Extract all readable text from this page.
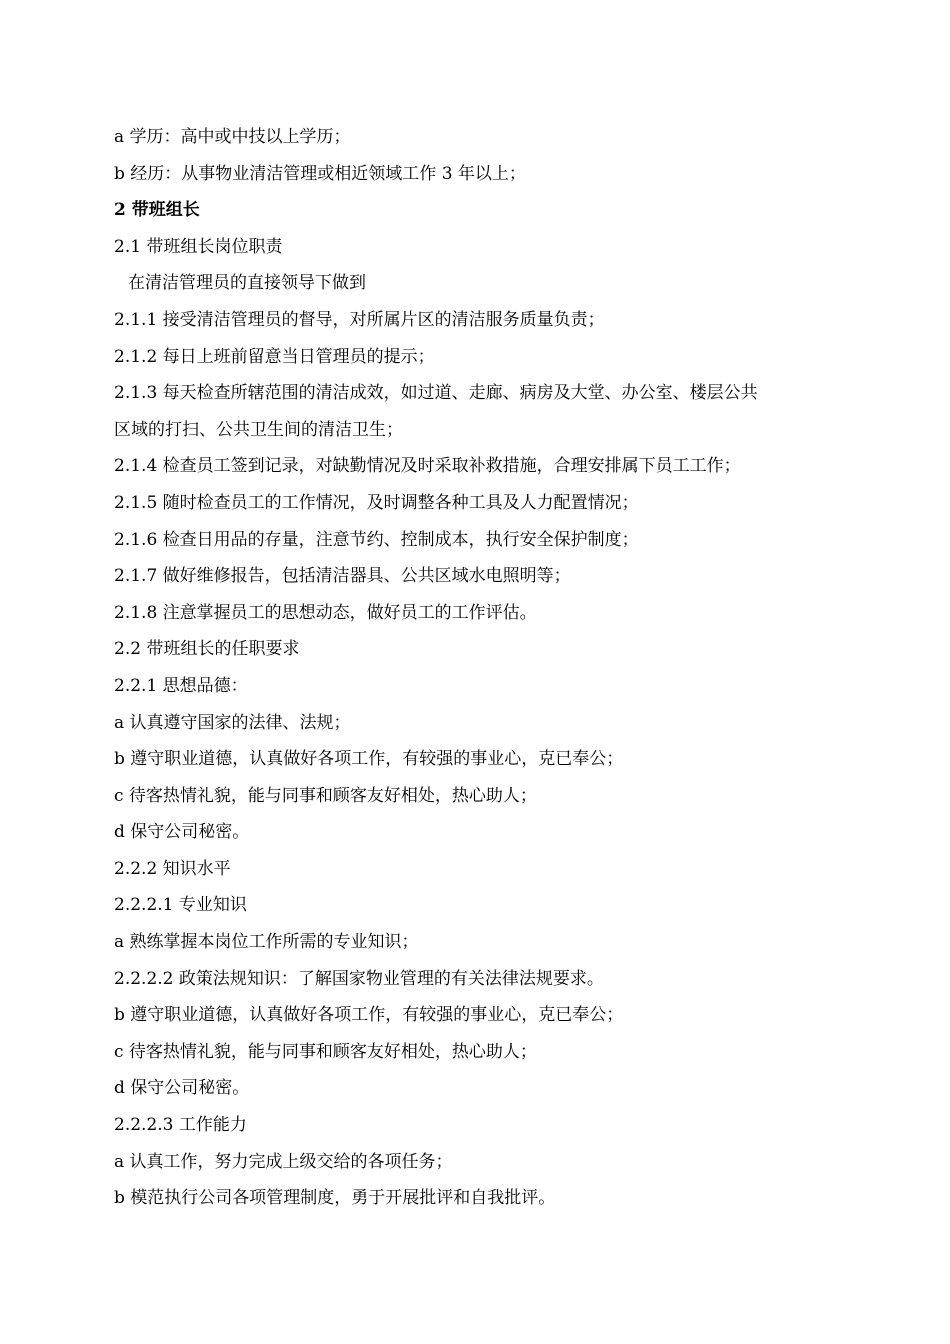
a 学历：高中或中技以上学历；

b 经历：从事物业清洁管理或相近领域工作 3 年以上；

2 带班组长

2.1 带班组长岗位职责

在清洁管理员的直接领导下做到

2.1.1 接受清洁管理员的督导，对所属片区的清洁服务质量负责；

2.1.2 每日上班前留意当日管理员的提示；

2.1.3 每天检查所辖范围的清洁成效，如过道、走廊、病房及大堂、办公室、楼层公共

区域的打扫、公共卫生间的清洁卫生；

2.1.4 检查员工签到记录，对缺勤情况及时采取补救措施，合理安排属下员工工作；

2.1.5 随时检查员工的工作情况，及时调整各种工具及人力配置情况；

2.1.6 检查日用品的存量，注意节约、控制成本，执行安全保护制度；

2.1.7 做好维修报告，包括清洁器具、公共区域水电照明等；

2.1.8 注意掌握员工的思想动态，做好员工的工作评估。

2.2 带班组长的任职要求

2.2.1 思想品德：

a 认真遵守国家的法律、法规；

b 遵守职业道德，认真做好各项工作，有较强的事业心，克已奉公；

c 待客热情礼貌，能与同事和顾客友好相处，热心助人；

d 保守公司秘密。

2.2.2 知识水平

2.2.2.1 专业知识

a 熟练掌握本岗位工作所需的专业知识；

2.2.2.2 政策法规知识：了解国家物业管理的有关法律法规要求。

b 遵守职业道德，认真做好各项工作，有较强的事业心，克已奉公；

c 待客热情礼貌，能与同事和顾客友好相处，热心助人；

d 保守公司秘密。

2.2.2.3 工作能力

a 认真工作，努力完成上级交给的各项任务；

b 模范执行公司各项管理制度，勇于开展批评和自我批评。
